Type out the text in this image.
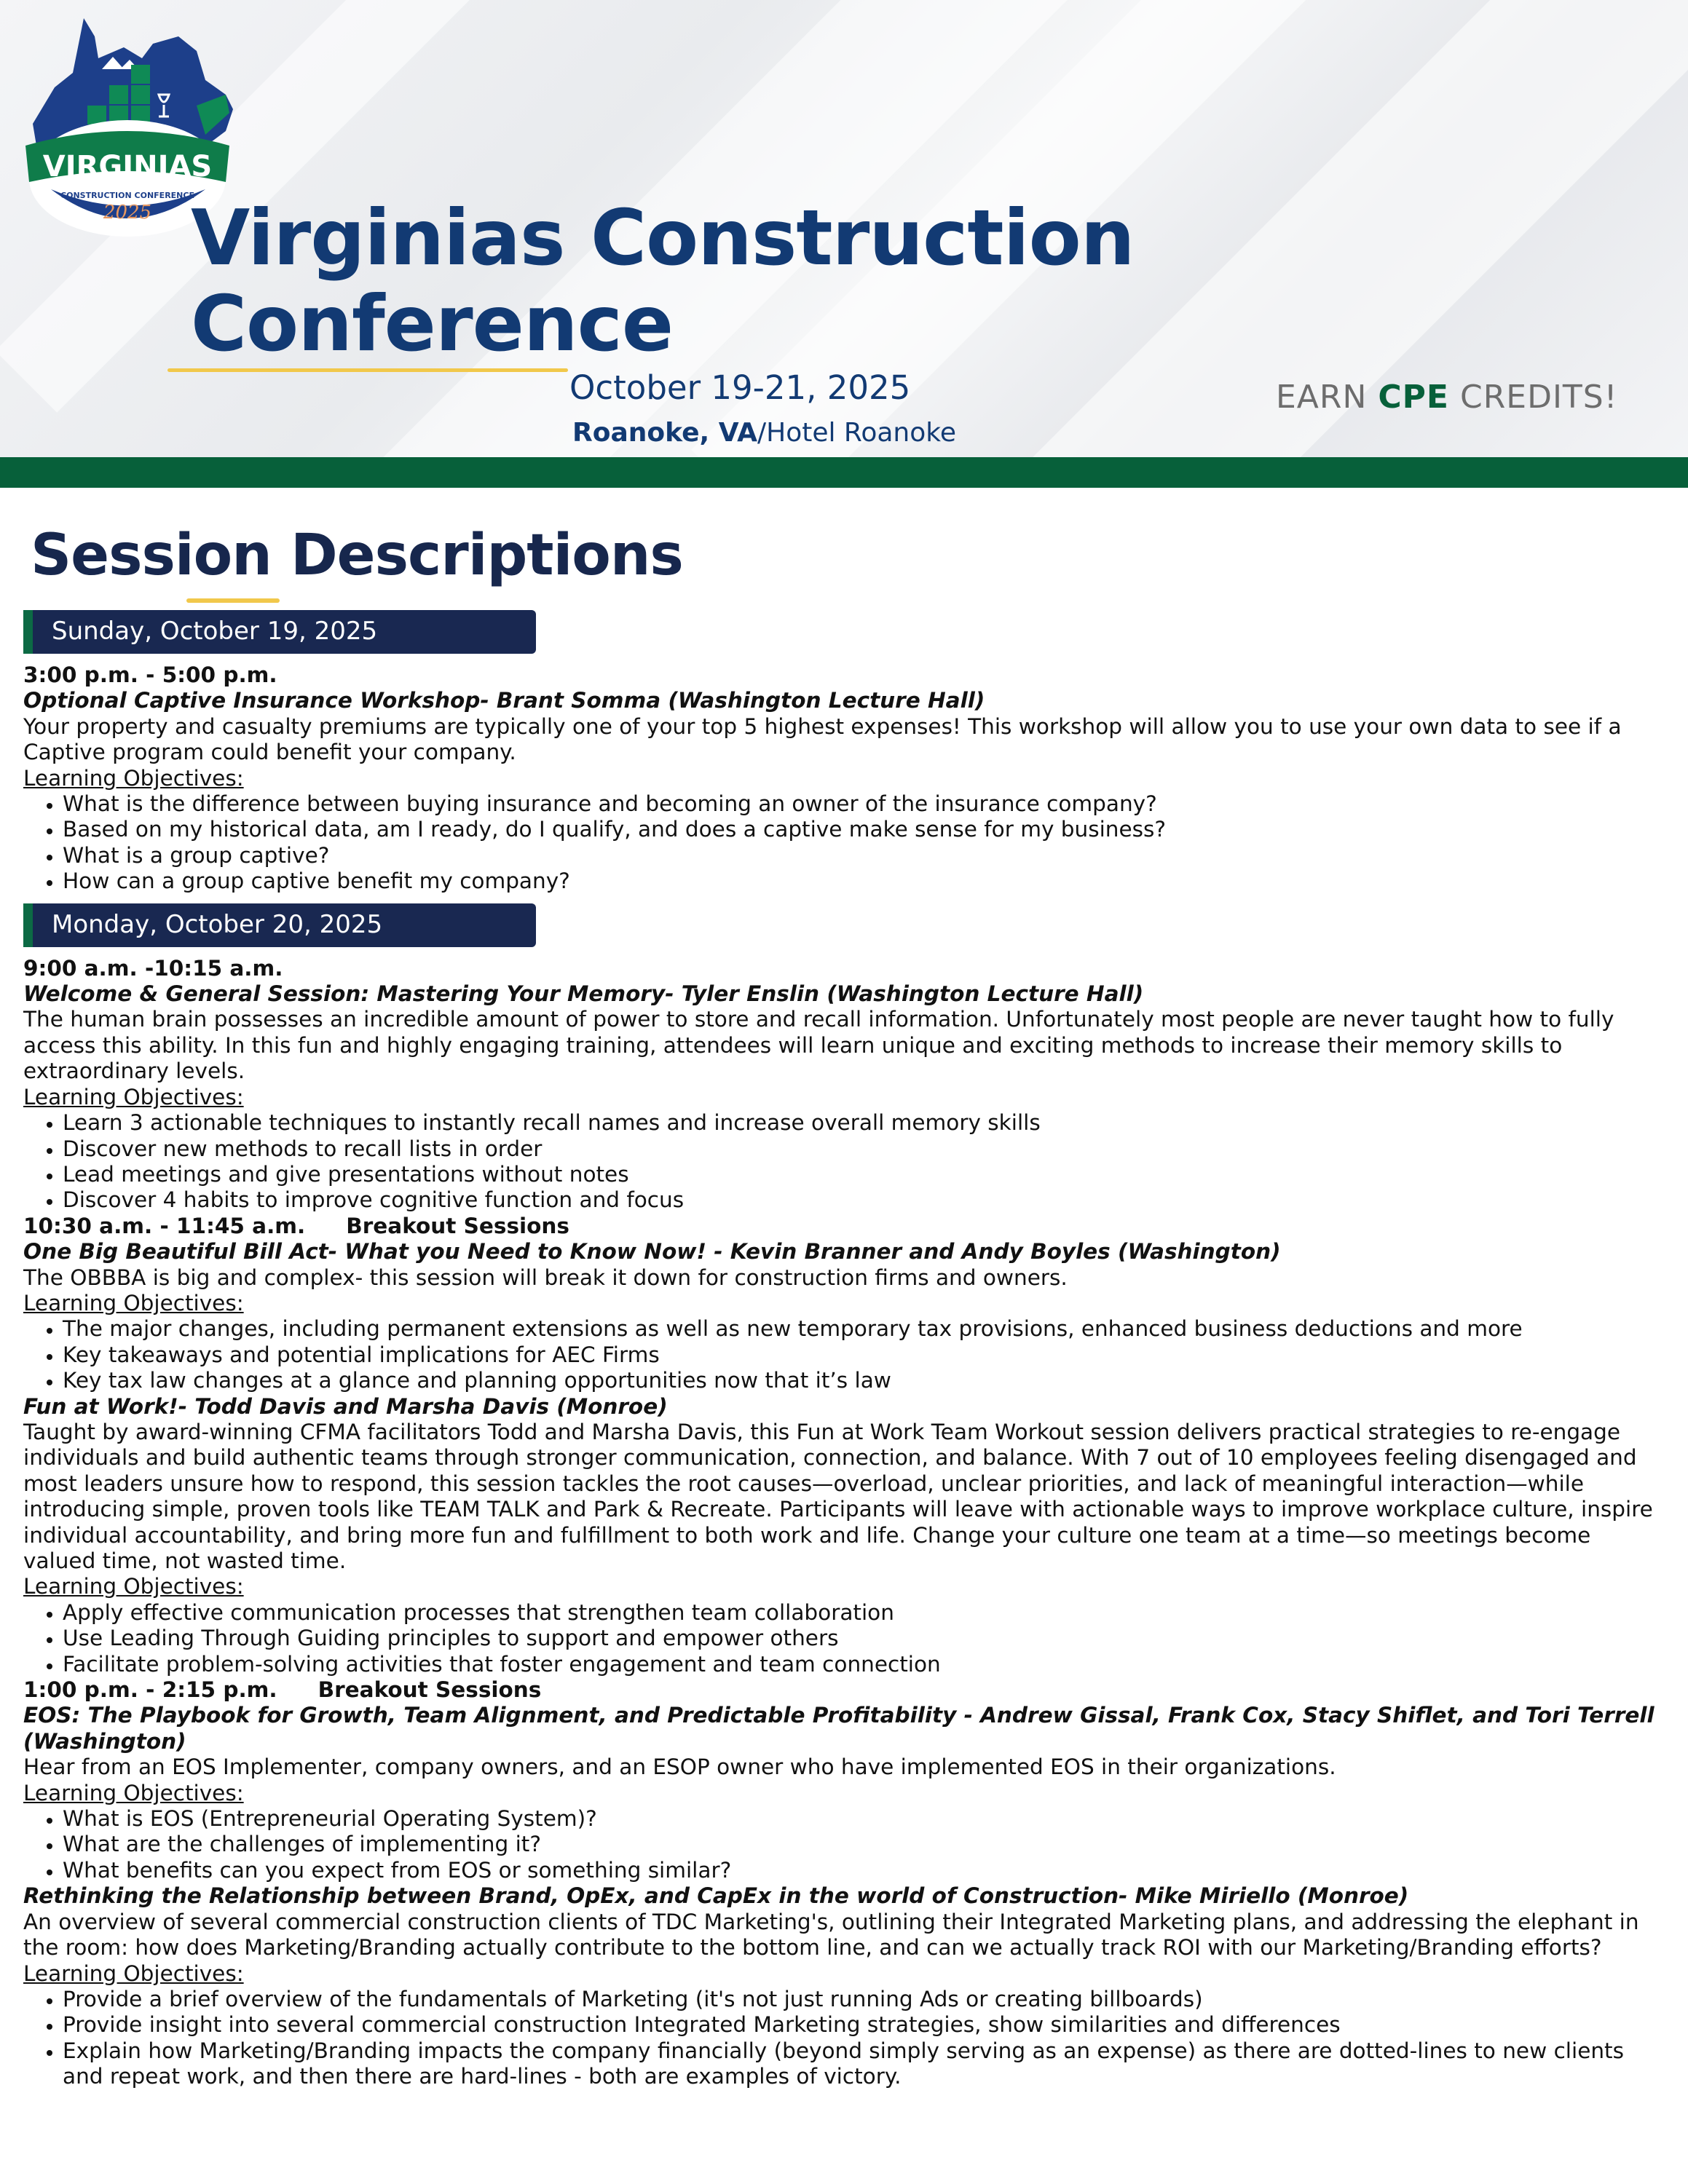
VIRGINIAS
CONSTRUCTION CONFERENCE
2025 Virginias Construction
Conference
October 19-21, 2025
Roanoke, VA/Hotel Roanoke
EARN CPE CREDITS!
Session Descriptions
Sunday, October 19, 2025

3:00 p.m. - 5:00 p.m.

Optional Captive Insurance Workshop- Brant Somma (Washington Lecture Hall)

Your property and casualty premiums are typically one of your top 5 highest expenses! This workshop will allow you to use your own data to see if a Captive program could benefit your company.

Learning Objectives:

• What is the difference between buying insurance and becoming an owner of the insurance company?
• Based on my historical data, am I ready, do I qualify, and does a captive make sense for my business?
• What is a group captive?
• How can a group captive benefit my company?
Monday, October 20, 2025

9:00 a.m. -10:15 a.m.

Welcome & General Session: Mastering Your Memory- Tyler Enslin (Washington Lecture Hall)

The human brain possesses an incredible amount of power to store and recall information. Unfortunately most people are never taught how to fully access this ability. In this fun and highly engaging training, attendees will learn unique and exciting methods to increase their memory skills to extraordinary levels.

Learning Objectives:

• Learn 3 actionable techniques to instantly recall names and increase overall memory skills
• Discover new methods to recall lists in order
• Lead meetings and give presentations without notes
• Discover 4 habits to improve cognitive function and focus

10:30 a.m. - 11:45 a.m. Breakout Sessions

One Big Beautiful Bill Act- What you Need to Know Now! - Kevin Branner and Andy Boyles (Washington)

The OBBBA is big and complex- this session will break it down for construction firms and owners.

Learning Objectives:

• The major changes, including permanent extensions as well as new temporary tax provisions, enhanced business deductions and more
• Key takeaways and potential implications for AEC Firms
• Key tax law changes at a glance and planning opportunities now that it’s law

Fun at Work!- Todd Davis and Marsha Davis (Monroe)

Taught by award-winning CFMA facilitators Todd and Marsha Davis, this Fun at Work Team Workout session delivers practical strategies to re-engage individuals and build authentic teams through stronger communication, connection, and balance. With 7 out of 10 employees feeling disengaged and most leaders unsure how to respond, this session tackles the root causes—overload, unclear priorities, and lack of meaningful interaction—while introducing simple, proven tools like TEAM TALK and Park & Recreate. Participants will leave with actionable ways to improve workplace culture, inspire individual accountability, and bring more fun and fulfillment to both work and life. Change your culture one team at a time—so meetings become valued time, not wasted time.

Learning Objectives:

• Apply effective communication processes that strengthen team collaboration
• Use Leading Through Guiding principles to support and empower others
• Facilitate problem-solving activities that foster engagement and team connection

1:00 p.m. - 2:15 p.m. Breakout Sessions

EOS: The Playbook for Growth, Team Alignment, and Predictable Profitability - Andrew Gissal, Frank Cox, Stacy Shiflet, and Tori Terrell (Washington)

Hear from an EOS Implementer, company owners, and an ESOP owner who have implemented EOS in their organizations.

Learning Objectives:

• What is EOS (Entrepreneurial Operating System)?
• What are the challenges of implementing it?
• What benefits can you expect from EOS or something similar?

Rethinking the Relationship between Brand, OpEx, and CapEx in the world of Construction- Mike Miriello (Monroe)

An overview of several commercial construction clients of TDC Marketing's, outlining their Integrated Marketing plans, and addressing the elephant in the room: how does Marketing/Branding actually contribute to the bottom line, and can we actually track ROI with our Marketing/Branding efforts?

Learning Objectives:

• Provide a brief overview of the fundamentals of Marketing (it's not just running Ads or creating billboards)
• Provide insight into several commercial construction Integrated Marketing strategies, show similarities and differences
• Explain how Marketing/Branding impacts the company financially (beyond simply serving as an expense) as there are dotted-lines to new clients and repeat work, and then there are hard-lines - both are examples of victory.
